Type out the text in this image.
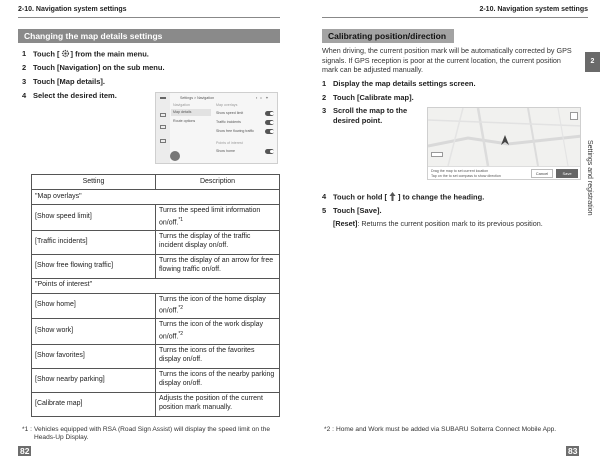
2-10. Navigation system settings	2-10. Navigation system settings
Changing the map details settings
1 Touch [ ] from the main menu.
2 Touch [Navigation] on the sub menu.
3 Touch [Map details].
4 Select the desired item.	Settings > Navigation	▪ ◐ ✦
Navigation
Map details
Route options
Map overlays
Show speed limit
Traffic incidents
Show free flowing traffic
Points of interest
Show home
Setting	Description
"Map overlays"	
[Show speed limit]	Turns the speed limit information on/off.$^{*1}$
[Traffic incidents]	Turns the display of the traffic incident display on/off.
[Show free flowing traffic]	Turns the display of an arrow for free flowing traffic on/off.
"Points of interest"	
[Show home]	Turns the icon of the home display on/off.$^{*2}$
[Show work]	Turns the icon of the work display on/off.$^{*2}$
[Show favorites]	Turns the icons of the favorites display on/off.
[Show nearby parking]	Turns the icons of the nearby parking display on/off.
[Calibrate map]	Adjusts the position of the current position mark manually.
*1 : Vehicles equipped with RSA (Road Sign Assist) will display the speed limit on the Heads-Up Display.
82
Calibrating position/direction
When driving, the current position mark will be automatically corrected by GPS signals. If GPS reception is poor at the current location, the current position mark can be adjusted manually.
1 Display the map details settings screen.
2 Touch [Calibrate map].
3 Scroll the map to the desired point.
Drag the map to set current location
Tap on the to set compass to show direction	Cancel	Save
4 Touch or hold [ ] to change the heading.
5 Touch [Save].
[Reset]: Returns the current position mark to its previous position.
*2 : Home and Work must be added via SUBARU Solterra Connect Mobile App.
83
2
Settings and registration
